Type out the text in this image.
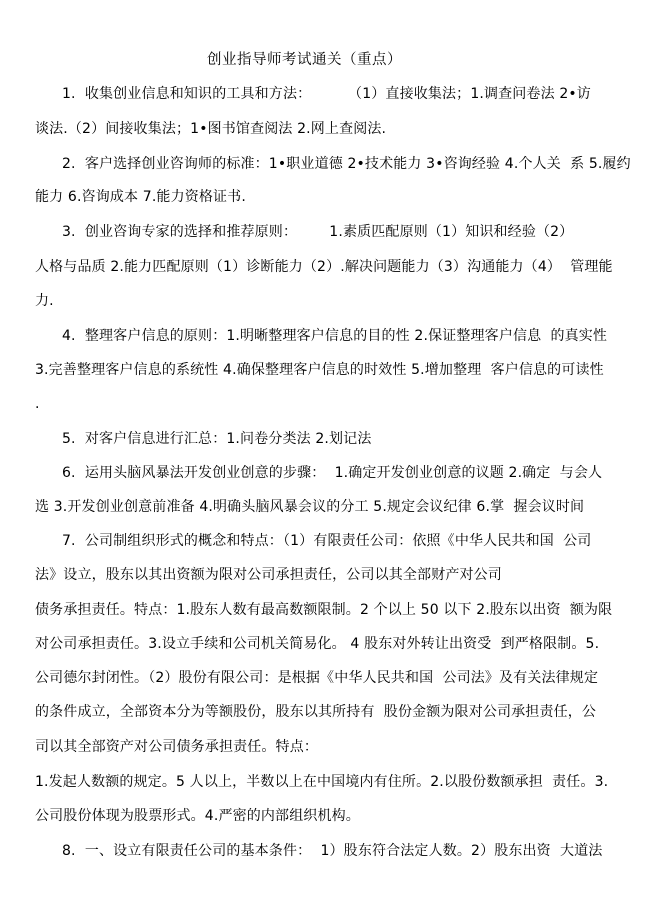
创业指导师考试通关（重点）
1.  收集创业信息和知识的工具和方法：        （1）直接收集法；1.调查问卷法 2•访
谈法.（2）间接收集法；1•图书馆查阅法 2.网上查阅法.
2.  客户选择创业咨询师的标准：1•职业道德 2•技术能力 3•咨询经验 4.个人关  系 5.履约
能力 6.咨询成本 7.能力资格证书.
3.  创业咨询专家的选择和推荐原则：       1.素质匹配原则（1）知识和经验（2）
人格与品质 2.能力匹配原则（1）诊断能力（2）.解决问题能力（3）沟通能力（4）  管理能
力.
4.  整理客户信息的原则：1.明晰整理客户信息的目的性 2.保证整理客户信息  的真实性
3.完善整理客户信息的系统性 4.确保整理客户信息的时效性 5.增加整理  客户信息的可读性
.
5.  对客户信息进行汇总：1.问卷分类法 2.划记法
6.  运用头脑风暴法开发创业创意的步骤：  1.确定开发创业创意的议题 2.确定  与会人
选 3.开发创业创意前准备 4.明确头脑风暴会议的分工 5.规定会议纪律 6.掌  握会议时间
7.  公司制组织形式的概念和特点：（1）有限责任公司：依照《中华人民共和国  公司
法》设立，股东以其出资额为限对公司承担责任，公司以其全部财产对公司
债务承担责任。特点：1.股东人数有最高数额限制。2 个以上 50 以下 2.股东以出资  额为限
对公司承担责任。3.设立手续和公司机关简易化。 4 股东对外转让出资受  到严格限制。5.
公司德尔封闭性。（2）股份有限公司：是根据《中华人民共和国  公司法》及有关法律规定
的条件成立，全部资本分为等额股份，股东以其所持有  股份金额为限对公司承担责任，公
司以其全部资产对公司债务承担责任。特点：
1.发起人数额的规定。5 人以上，半数以上在中国境内有住所。2.以股份数额承担  责任。3.
公司股份体现为股票形式。4.严密的内部组织机构。
8.  一、设立有限责任公司的基本条件：  1）股东符合法定人数。2）股东出资  大道法
